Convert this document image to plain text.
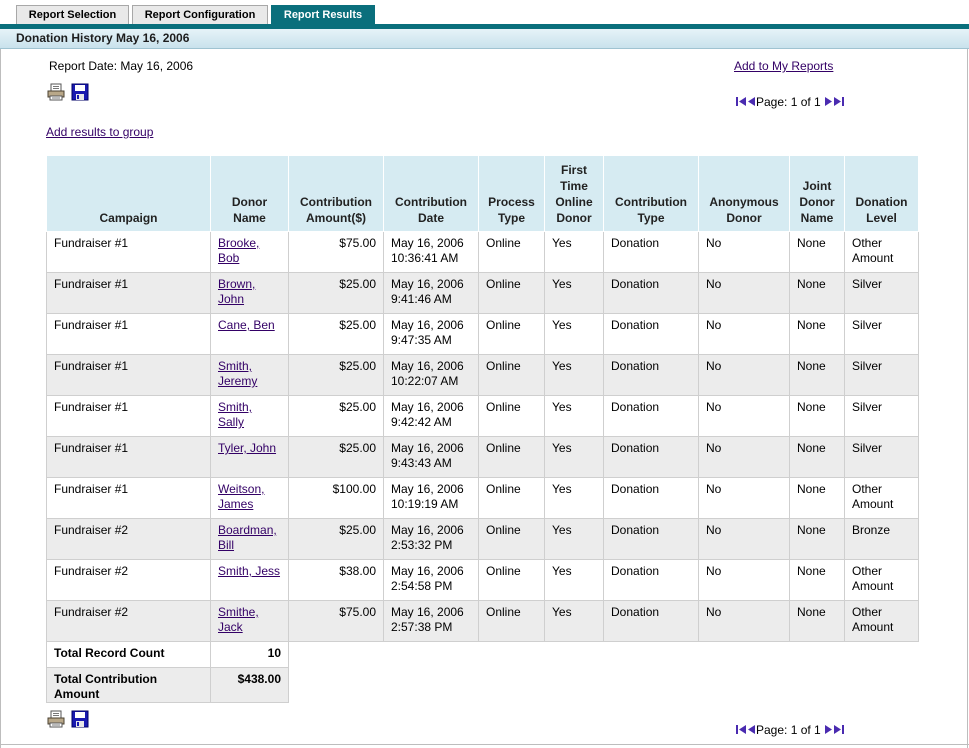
Report Selection	Report Configuration	Report Results
Donation History May 16, 2006
Report Date: May 16, 2006	Add to My Reports
Page: 1 of 1
Add results to group
Campaign	Donor Name	Contribution Amount($)	Contribution Date	Process Type	First Time Online Donor	Contribution Type	Anonymous Donor	Joint Donor Name	Donation Level
Fundraiser #1	Brooke, Bob	$75.00	May 16, 2006 10:36:41 AM	Online	Yes	Donation	No	None	Other Amount
Fundraiser #1	Brown, John	$25.00	May 16, 2006 9:41:46 AM	Online	Yes	Donation	No	None	Silver
Fundraiser #1	Cane, Ben	$25.00	May 16, 2006 9:47:35 AM	Online	Yes	Donation	No	None	Silver
Fundraiser #1	Smith, Jeremy	$25.00	May 16, 2006 10:22:07 AM	Online	Yes	Donation	No	None	Silver
Fundraiser #1	Smith, Sally	$25.00	May 16, 2006 9:42:42 AM	Online	Yes	Donation	No	None	Silver
Fundraiser #1	Tyler, John	$25.00	May 16, 2006 9:43:43 AM	Online	Yes	Donation	No	None	Silver
Fundraiser #1	Weitson, James	$100.00	May 16, 2006 10:19:19 AM	Online	Yes	Donation	No	None	Other Amount
Fundraiser #2	Boardman, Bill	$25.00	May 16, 2006 2:53:32 PM	Online	Yes	Donation	No	None	Bronze
Fundraiser #2	Smith, Jess	$38.00	May 16, 2006 2:54:58 PM	Online	Yes	Donation	No	None	Other Amount
Fundraiser #2	Smithe, Jack	$75.00	May 16, 2006 2:57:38 PM	Online	Yes	Donation	No	None	Other Amount
Total Record Count	10								
Total Contribution Amount	$438.00								
Page: 1 of 1
